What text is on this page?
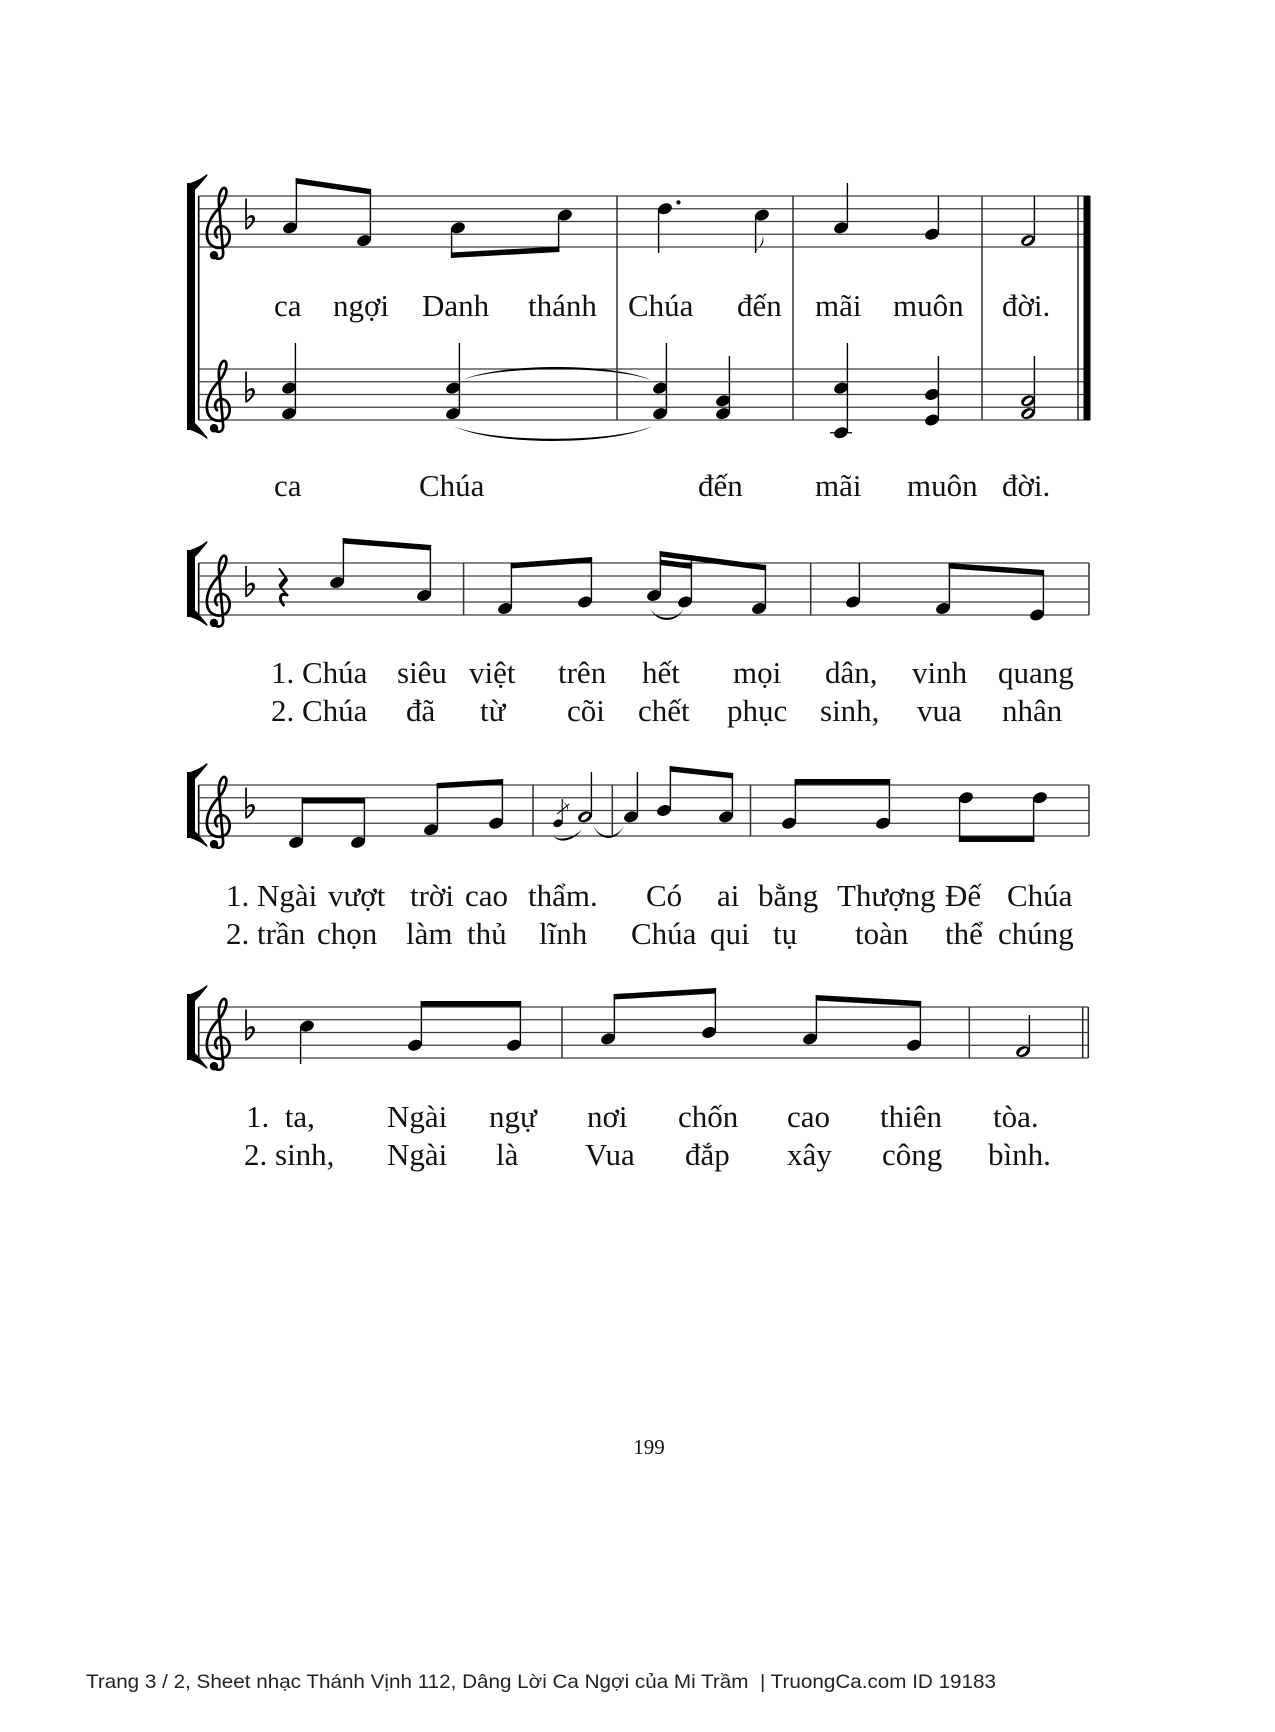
ca ngợi Danh thánh Chúa đến mãi muôn đời.
ca	Chúa	đến mãi muôn đời.
1. Chúa siêu việt trên hết mọi dân, vinh quang
2. Chúa đã từ cõi chết phục sinh, vua nhân
1. Ngài vượt trời cao thẩm. Có ai bằng Thượng Đế Chúa
2. trần chọn làm thủ lĩnh Chúa qui tụ toàn thể chúng
1.  ta, Ngài ngự nơi chốn cao thiên tòa.
2. sinh, Ngài là Vua đắp xây công bình.
199
Trang 3 / 2, Sheet nhạc Thánh Vịnh 112, Dâng Lời Ca Ngợi của Mi Trầm  | TruongCa.com ID 19183
